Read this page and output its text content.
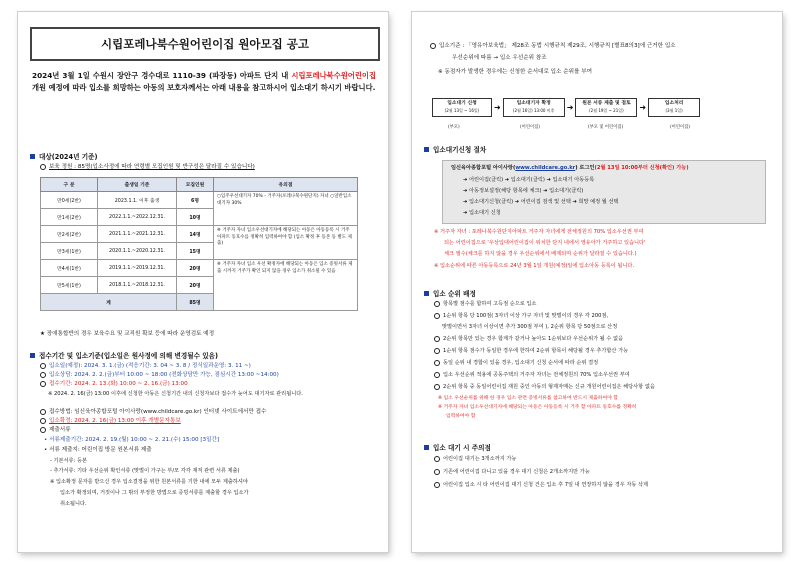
시립포레나북수원어린이집 원아모집 공고
2024년 3월 1일 수원시 장안구 경수대로 1110-39 (파장동) 아파트 단지 내 시립포레나북수원어린이집 개원 예정에 따라 입소를 희망하는 아동의 보호자께서는 아래 내용을 참고하시어 입소대기 하시기 바랍니다.
대상(2024년 기준)
보육 정원 : 85명(입소사정에 따라 연령별 모집인원 및 반구성은 달라질 수 있습니다)
구 분	출생일 기준	모집인원	유의점
만0세(2반)	2023.1.1. 이후 출생	6명	○입주우선대기자 70% - 거주자(포레나북수원단지) 자녀 ○일반입소대기자 30%
만1세(2반)	2022.1.1.~2022.12.31.	10명	
만2세(2반)	2021.1.1.~2021.12.31.	14명	※ 거주자 자녀 입소우선대기자에 해당되는 아동은 아동등록 시 거주 아파트 동호수를 정확히 입력하여야 함 (입소 확정 후 등본 등 별도 제출)
만3세(1반)	2020.1.1.~2020.12.31.	15명	
만4세(1반)	2019.1.1.~2019.12.31.	20명	※ 거주자 자녀 입소 우선 확정자에 해당되는 아동은 입소 증빙서류 제출 시까지 거주가 확인 되지 않을 경우 입소가 취소될 수 있음
만5세(1반)	2018.1.1.~2018.12.31.	20명	
계		85명	
★ 장애통합반의 경우 보육수요 및 교직원 확보 등에 따라 운영검토 예정
접수기간 및 입소기준(입소일은 원사정에 의해 변경될수 있음)
입소일(예정): 2024. 3. 1.(금) (적응기간: 3. 04 ~ 3. 8 / 정식일과운영: 3. 11 ~)
입소상담: 2024. 2. 2.(금)부터 10:00 ~ 18:00 (전화상담만 가능, 점심시간 13:00 ~14:00)
접수기간: 2024. 2. 13.(화) 10:00 ~ 2. 16.(금) 13:00
※ 2024. 2. 16(금) 13:00 이후에 신청한 아동은 신청기간 내의 신청자보다 접수가 늦어도 대기자로 관리됩니다.
접수방법: 임신육아종합포털 아이사랑(www.childcare.go.kr) 인터넷 사이트에서만 접수
입소확정: 2024. 2. 16(금) 13:00 이후 개별문자통보
제출서류
• 서류제출기간: 2024. 2. 19.(월) 10:00 ~ 2. 21.(수) 15:00 [3일간]
• 서류 제출지: 어린이집 방문 원본서류 제출
- 기본서류: 등본
- 추가서류: 기타 우선순위 확인서류 (맞벌이 가구는 부/모 각각 재직 관련 서류 제출)
※ 입소확정 문자를 받으신 경우 입소결정을 위한 원본서류를 기한 내에 모두 제출하셔야
입소가 확정되며, 거짓이나 그 밖의 부정한 방법으로 증빙서류를 제출할 경우 입소가
취소됩니다.
입소기준 : 「영유아보육법」 제28조 동법 시행규칙 제29조, 시행규칙 [별표8의3]에 근거한 입소
우선순위에 따름 → 입소 우선순위 참조
※ 동점자가 발생한 경우에는 신청한 순서대로 입소 순위를 부여
입소대기 신청
(2월 13일 ~ 16일)	➜	입소대기자 확정
(2월 16일) 13:00 이후	➜	원본 서류 제출 및 점토
(2월 19일 ~ 21일)	➜	입소처리
(3월 1일)
(부모)	(어린이집)	(부모 및 어린이집)	(어린이집)
입소대기신청 절차
임신육아종합포털 아이사랑(www.childcare.go.kr) 로그인(2월 13일 10:00부터 신청(확인) 가능)
➜ 어린이집(클릭) ➜ 입소대기(클릭) ➜ 입소대기 아동등록
➜ 아동정보설정(해당 항목에 체크) ➜ 입소대기(클릭)
➜ 입소대기신청(클릭) ➜ 어린이집 검색 및 선택 ➜ 희망 예정 월 선택
➜ 입소대기 신청
※ 거주자 자녀 : 포레나북수원단지아파트 거주자 자녀에게 전체정원의 70% 입소우선권 부여
되는 어린이집으로 '우상입대어린이집이 위치한 단지 내에서 영유아가 거주하고 있습니다'
체크 필수(체크를 하지 않을 경우 우선순위에서 배제되며 순위가 달라질 수 있습니다.)
※ 입소순위에 따른 아동등록으로 24년 3월 1일 개원(예정)일에 입소아동 등록이 됩니다.
입소 순위 배정
항목별 점수를 합하여 고득점 순으로 입소
1순위 항목 당 100점( 3자녀 이상 가구 자녀 및 맞벌이의 경우 각 200점,
맞벌이면서 3자녀 이상이면 추가 300점 부여 ), 2순위 항목 당 50점으로 산정
2순위 항목만 있는 경우 합계가 같거나 높아도 1순위보다 우선순위가 될 수 없음
1순위 항목 점수가 동일한 경우에 한하여 2순위 항목이 해당될 경우 추가합산 가능
동일 순위 내 경합이 있을 경우, 입소대기 신청 순서에 따라 순위 결정
입소 우선순위 적용에 공동주택의 거주자 자녀는 전체정원의 70% 입소우선권 부여
2순위 항목 중 동일어린이집 재원 중인 아동의 형제자매는 신규 개원어린이집은 해당사항 없음
※ 입소 우선순위를 위해 한 경우 입소 관련 증빙서류를 참고하여 반드시 제출하여야 함
※ 거주자 자녀 입소우선대기자에 해당되는 아동은 아동등록 시 거주 할 아파트 동호수를 정확히
입력하여야 함
입소 대기 시 주의점
어린이집 대기는 3개소까지 가능
기존에 어린이집 다니고 있을 경우 대기 신청은 2개소까지만 가능
어린이집 입소 시 타 어린이집 대기 신청 건은 입소 후 7일 내 연장하지 않을 경우 자동 삭제
